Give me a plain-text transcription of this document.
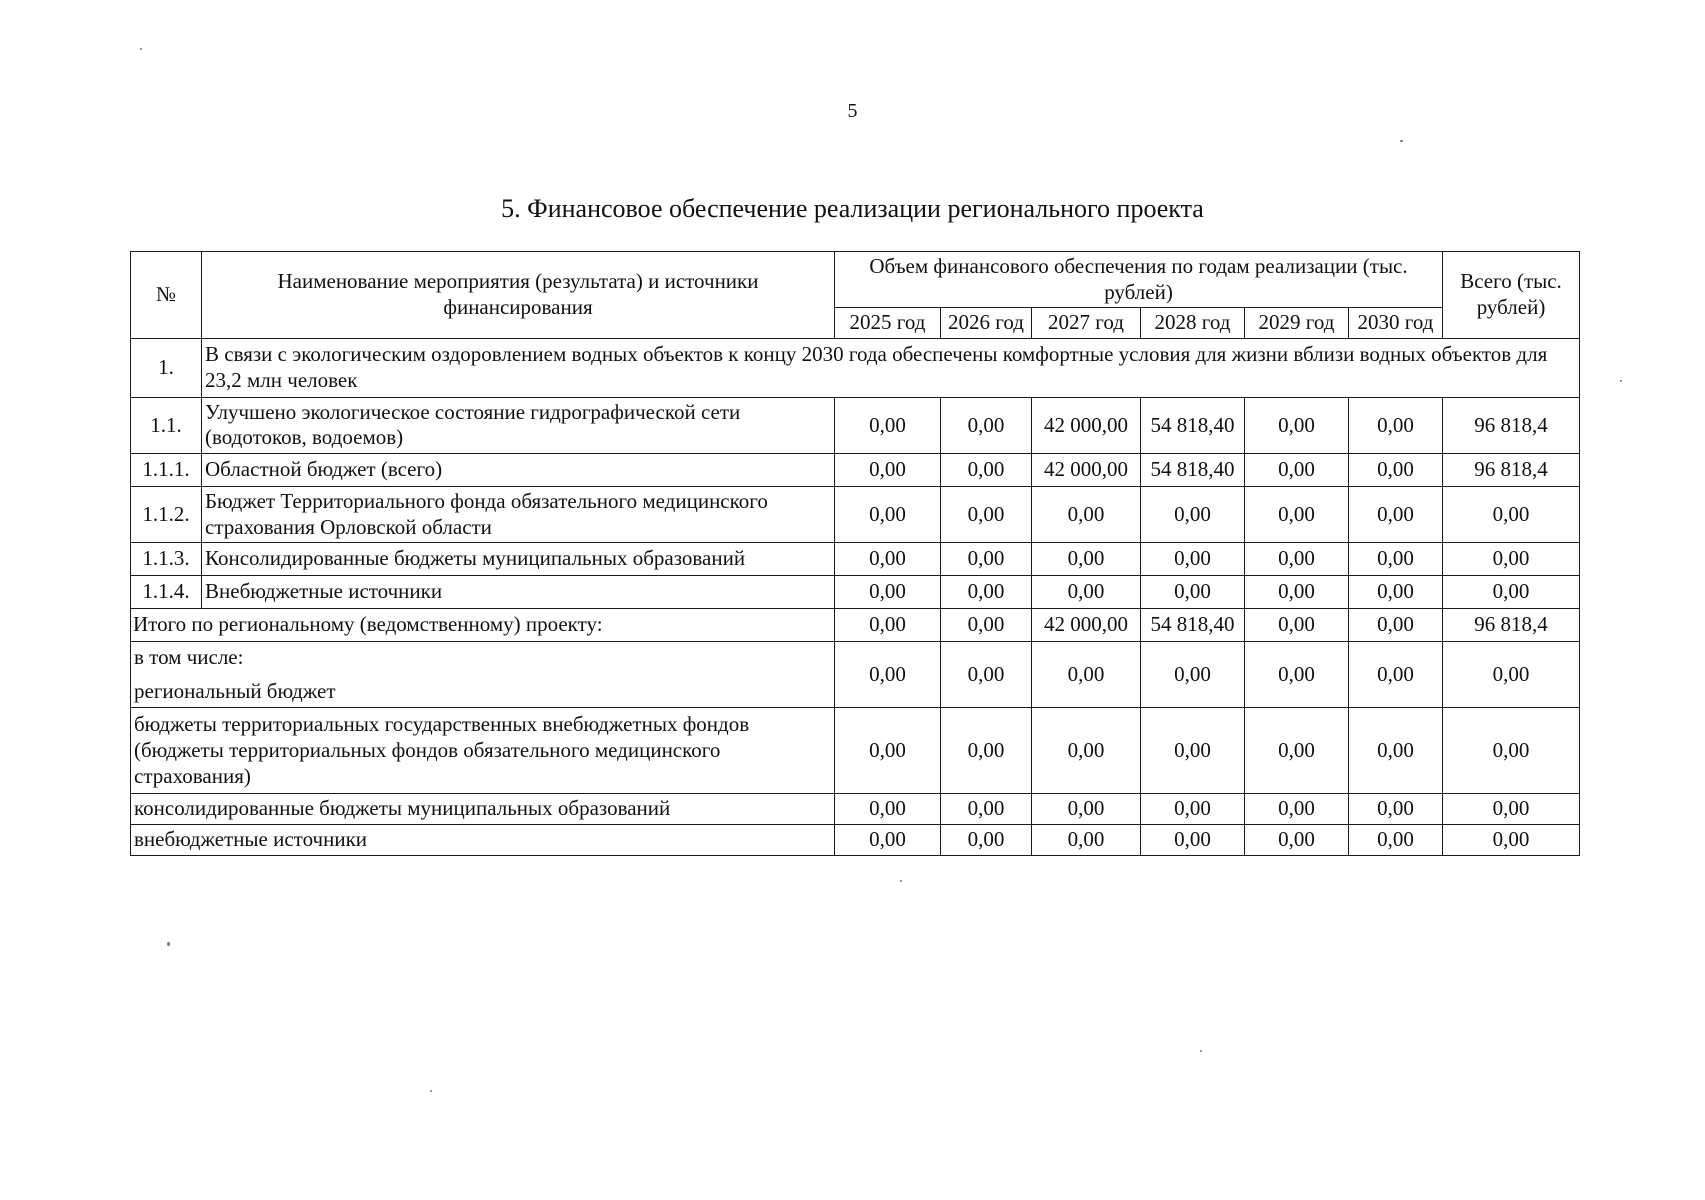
5
5. Финансовое обеспечение реализации регионального проекта
№	Наименование мероприятия (результата) и источники финансирования	Объем финансового обеспечения по годам реализации (тыс. рублей)						Всего (тыс. рублей)
		2025 год	2026 год	2027 год	2028 год	2029 год	2030 год	
1.	В связи с экологическим оздоровлением водных объектов к концу 2030 года обеспечены комфортные условия для жизни вблизи водных объектов для 23,2 млн человек							
1.1.	Улучшено экологическое состояние гидрографической сети (водотоков, водоемов)	0,00	0,00	42 000,00	54 818,40	0,00	0,00	96 818,4
1.1.1.	Областной бюджет (всего)	0,00	0,00	42 000,00	54 818,40	0,00	0,00	96 818,4
1.1.2.	Бюджет Территориального фонда обязательного медицинского страхования Орловской области	0,00	0,00	0,00	0,00	0,00	0,00	0,00
1.1.3.	Консолидированные бюджеты муниципальных образований	0,00	0,00	0,00	0,00	0,00	0,00	0,00
1.1.4.	Внебюджетные источники	0,00	0,00	0,00	0,00	0,00	0,00	0,00
Итого по региональному (ведомственному) проекту:		0,00	0,00	42 000,00	54 818,40	0,00	0,00	96 818,4

в том числе:
региональный бюджет		0,00	0,00	0,00	0,00	0,00	0,00	0,00
бюджеты территориальных государственных внебюджетных фондов (бюджеты территориальных фондов обязательного медицинского страхования)		0,00	0,00	0,00	0,00	0,00	0,00	0,00
консолидированные бюджеты муниципальных образований		0,00	0,00	0,00	0,00	0,00	0,00	0,00
внебюджетные источники		0,00	0,00	0,00	0,00	0,00	0,00	0,00
